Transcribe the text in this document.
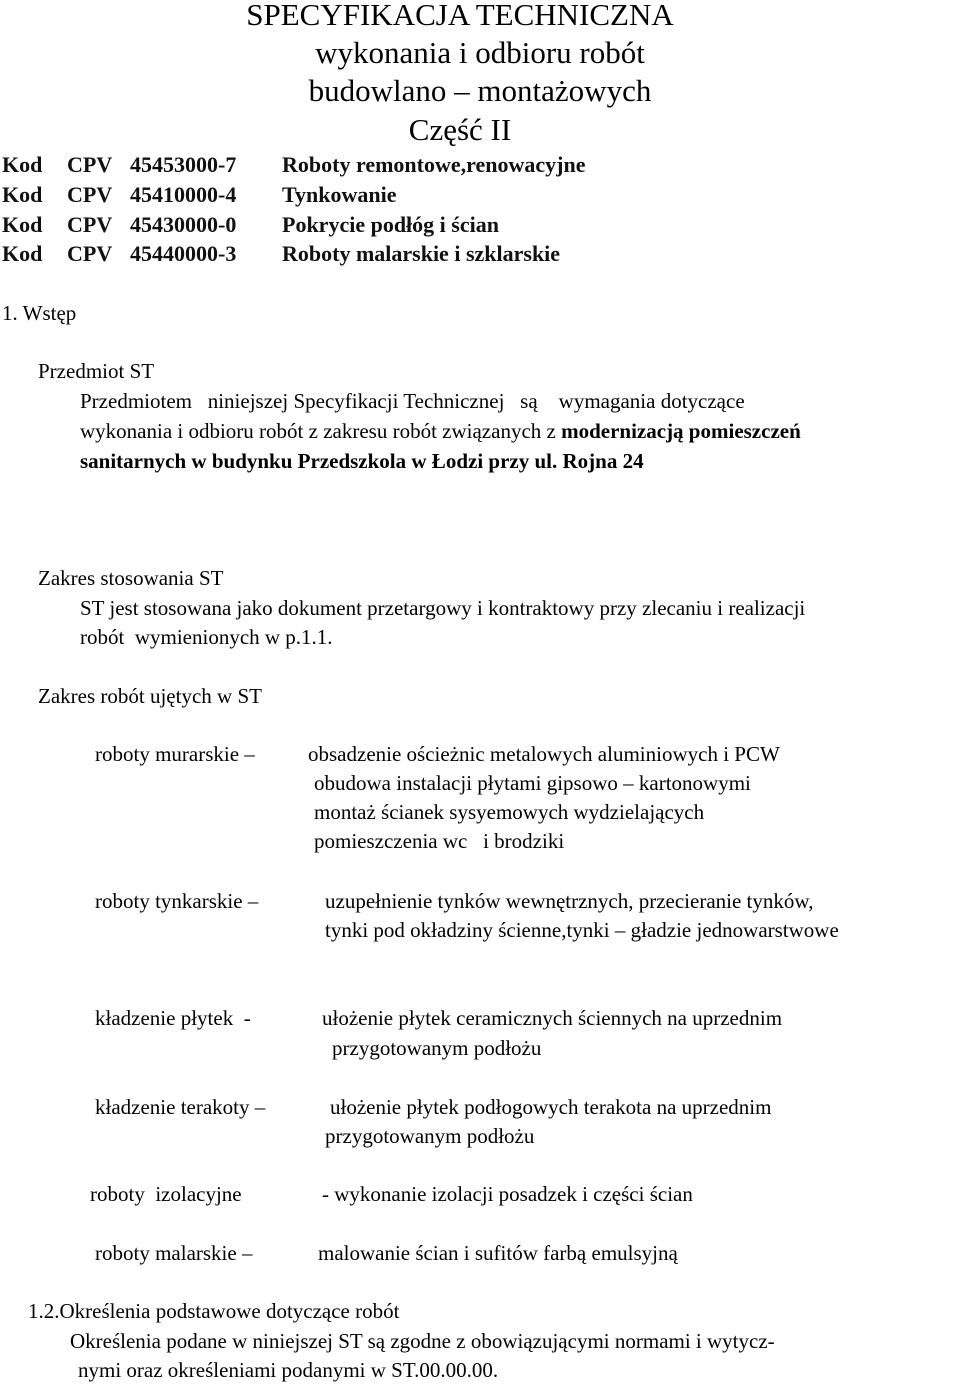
SPECYFIKACJA TECHNICZNA
wykonania i odbioru robót
budowlano – montażowych
Część II
Kod CPV 45453000-7 Roboty remontowe,renowacyjne
Kod CPV 45410000-4 Tynkowanie
Kod CPV 45430000-0 Pokrycie podłóg i ścian
Kod CPV 45440000-3 Roboty malarskie i szklarskie
1. Wstęp
Przedmiot ST
Przedmiotem   niniejszej Specyfikacji Technicznej   są    wymagania dotyczące
wykonania i odbioru robót z zakresu robót związanych z modernizacją pomieszczeń
sanitarnych w budynku Przedszkola w Łodzi przy ul. Rojna 24
Zakres stosowania ST
ST jest stosowana jako dokument przetargowy i kontraktowy przy zlecaniu i realizacji
robót  wymienionych w p.1.1.
Zakres robót ujętych w ST
roboty murarskie –	obsadzenie ościeżnic metalowych aluminiowych i PCW
obudowa instalacji płytami gipsowo – kartonowymi
montaż ścianek sysyemowych wydzielających
pomieszczenia wc   i brodziki
roboty tynkarskie –	uzupełnienie tynków wewnętrznych, przecieranie tynków,
tynki pod okładziny ścienne,tynki – gładzie jednowarstwowe
kładzenie płytek  -	ułożenie płytek ceramicznych ściennych na uprzednim
przygotowanym podłożu
kładzenie terakoty –	ułożenie płytek podłogowych terakota na uprzednim
przygotowanym podłożu
roboty  izolacyjne	- wykonanie izolacji posadzek i części ścian
roboty malarskie –	malowanie ścian i sufitów farbą emulsyjną
1.2.Określenia podstawowe dotyczące robót
Określenia podane w niniejszej ST są zgodne z obowiązującymi normami i wytycz-
nymi oraz określeniami podanymi w ST.00.00.00.
